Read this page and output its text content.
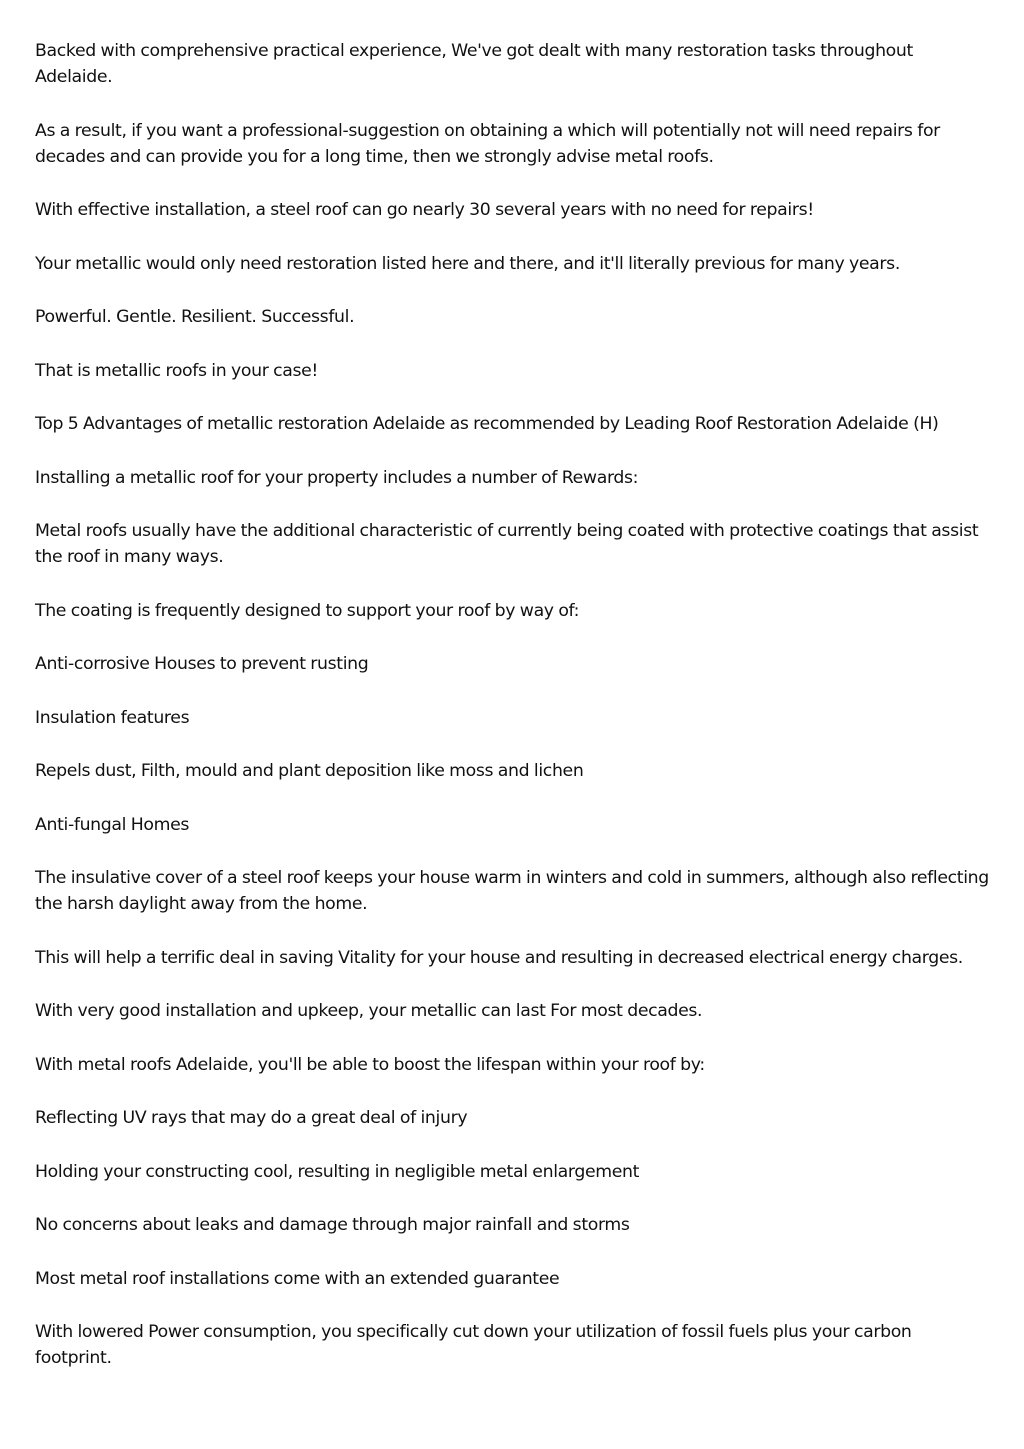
Backed with comprehensive practical experience, We've got dealt with many restoration tasks throughout Adelaide.

As a result, if you want a professional-suggestion on obtaining a which will potentially not will need repairs for decades and can provide you for a long time, then we strongly advise metal roofs.

With effective installation, a steel roof can go nearly 30 several years with no need for repairs!

Your metallic would only need restoration listed here and there, and it'll literally previous for many years.

Powerful. Gentle. Resilient. Successful.

That is metallic roofs in your case!

Top 5 Advantages of metallic restoration Adelaide as recommended by Leading Roof Restoration Adelaide (H)

Installing a metallic roof for your property includes a number of Rewards:

Metal roofs usually have the additional characteristic of currently being coated with protective coatings that assist the roof in many ways.

The coating is frequently designed to support your roof by way of:

Anti-corrosive Houses to prevent rusting

Insulation features

Repels dust, Filth, mould and plant deposition like moss and lichen

Anti-fungal Homes

The insulative cover of a steel roof keeps your house warm in winters and cold in summers, although also reflecting the harsh daylight away from the home.

This will help a terrific deal in saving Vitality for your house and resulting in decreased electrical energy charges.

With very good installation and upkeep, your metallic can last For most decades.

With metal roofs Adelaide, you'll be able to boost the lifespan within your roof by:

Reflecting UV rays that may do a great deal of injury

Holding your constructing cool, resulting in negligible metal enlargement

No concerns about leaks and damage through major rainfall and storms

Most metal roof installations come with an extended guarantee

With lowered Power consumption, you specifically cut down your utilization of fossil fuels plus your carbon footprint.
